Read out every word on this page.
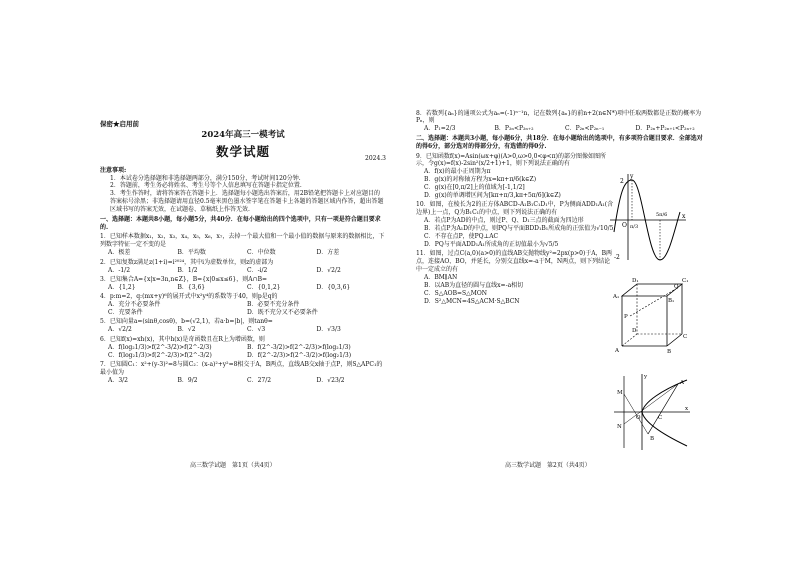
保密★启用前
2024年高三一模考试
数学试题	2024.3
注意事项:
1．本试卷分选择题和非选择题两部分，满分150分，考试时间120分钟.
2．答题前，考生务必将姓名、考生号等个人信息填写在答题卡指定位置.
3．考生作答时，请将答案答在答题卡上．选择题每小题选出答案后，用2B铅笔把答题卡上对应题目的答案标号涂黑；非选择题请用直径0.5毫米黑色墨水签字笔在答题卡上各题的答题区域内作答，超出答题区域书写的答案无效，在试题卷、草稿纸上作答无效.
一、选择题：本题共8小题，每小题5分，共40分．在每小题给出的四个选项中，只有一项是符合题目要求的.
1．已知样本数据x₁，x₂，x₃，x₄，x₅，x₆，x₇，去掉一个最大值和一个最小值的数据与原来的数据相比，下列数字特征一定不变的是
A．极差	B．平均数	C．中位数	D．方差
2．已知复数z满足z(1+i)=i²⁰²⁴，其中i为虚数单位，则z的虚部为
A．-1/2	B．1/2	C．-i/2	D．√2/2
3．已知集合A={x|x=3n,n∈Z}，B={x|0≤x≤6}，则A∩B=
A．{1,2}	B．{3,6}	C．{0,1,2}	D．{0,3,6}
4．p:m=2，q:(mx+y)⁶的展开式中x²y⁴的系数等于40，则p是q的
A．充分不必要条件	B．必要不充分条件
C．充要条件	D．既不充分又不必要条件
5．已知向量a=(sinθ,cosθ)，b=(√2,1)，若a·b=|b|，则tanθ=
A．√2/2	B．√2	C．√3	D．√3/3
6．已知f(x)=xh(x)，其中h(x)是奇函数且在R上为增函数，则
A．f(log₂1/3)>f(2^-3/2)>f(2^-2/3)	B．f(2^-3/2)>f(2^-2/3)>f(log₂1/3)
C．f(log₂1/3)>f(2^-2/3)>f(2^-3/2)	D．f(2^-2/3)>f(2^-3/2)>f(log₂1/3)
7．已知圆C₁：x²+(y-3)²=8与圆C₂：(x-a)²+y²=8相交于A，B两点，直线AB交x轴于点P，则S△APC₁的最小值为
A．3/2	B．9/2	C．27/2	D．√23/2
8．若数列{aₙ}的通项公式为aₙ=(-1)ⁿ⁻¹n，记在数列{aₙ}的前n+2(n∈N*)项中任取两数都是正数的概率为Pₙ，则
A．P₁=2/3	B．P₂ₙ<P₂ₙ₊₂	C．P₂ₙ<P₂ₙ₋₁	D．P₂ₙ+P₂ₙ₊₁<P₂ₙ₊₂
二、选择题：本题共3小题，每小题6分，共18分．在每小题给出的选项中，有多项符合题目要求．全部选对的得6分，部分选对的得部分分，有选错的得0分.
9．已知函数f(x)=Asin(ωx+φ)(A>0,ω>0,0<φ<π)的部分图像如图所示，令g(x)=f(x)-2sin²(x/2+1)+1，则下列说法正确的有
A．f(x)的最小正周期为π
B．g(x)的对称轴方程为x=kπ+π/6(k∈Z)
C．g(x)在[0,π/2]上的值域为[-1,1/2]
D．g(x)的单调增区间为[kπ+π/3,kπ+5π/6](k∈Z)
10．如图，在棱长为2的正方体ABCD-A₁B₁C₁D₁中，P为侧面ADD₁A₁(含边界)上一点，Q为B₁C₁的中点，则下列说法正确的有
A．若点P为AD的中点，则过P、Q、D₁三点的截面为四边形
B．若点P为A₁D的中点，则PQ与平面BDD₁B₁所成角的正弦值为√10/5
C．不存在点P，使PQ⊥AC
D．PQ与平面ADD₁A₁所成角的正切值最小为√5/5
11．如图，过点C(a,0)(a>0)的直线AB交抛物线y²=2px(p>0)于A，B两点，连接AO、BO，并延长，分别交直线x=-a于M，N两点，则下列结论中一定成立的有
A．BM∥AN
B．以AB为直径的圆与直线x=-a相切
C．S△AOB=S△MON
D．S²△MCN=4S△ACM·S△BCN
2
-2
O π/3
5π/6 x
y
D₁	C₁
A₁
B₁
Q
P
D
C
A	B
y
A
M
B
N
O	C
x
高三数学试题　第1页（共4页）	高三数学试题　第2页（共4页）
